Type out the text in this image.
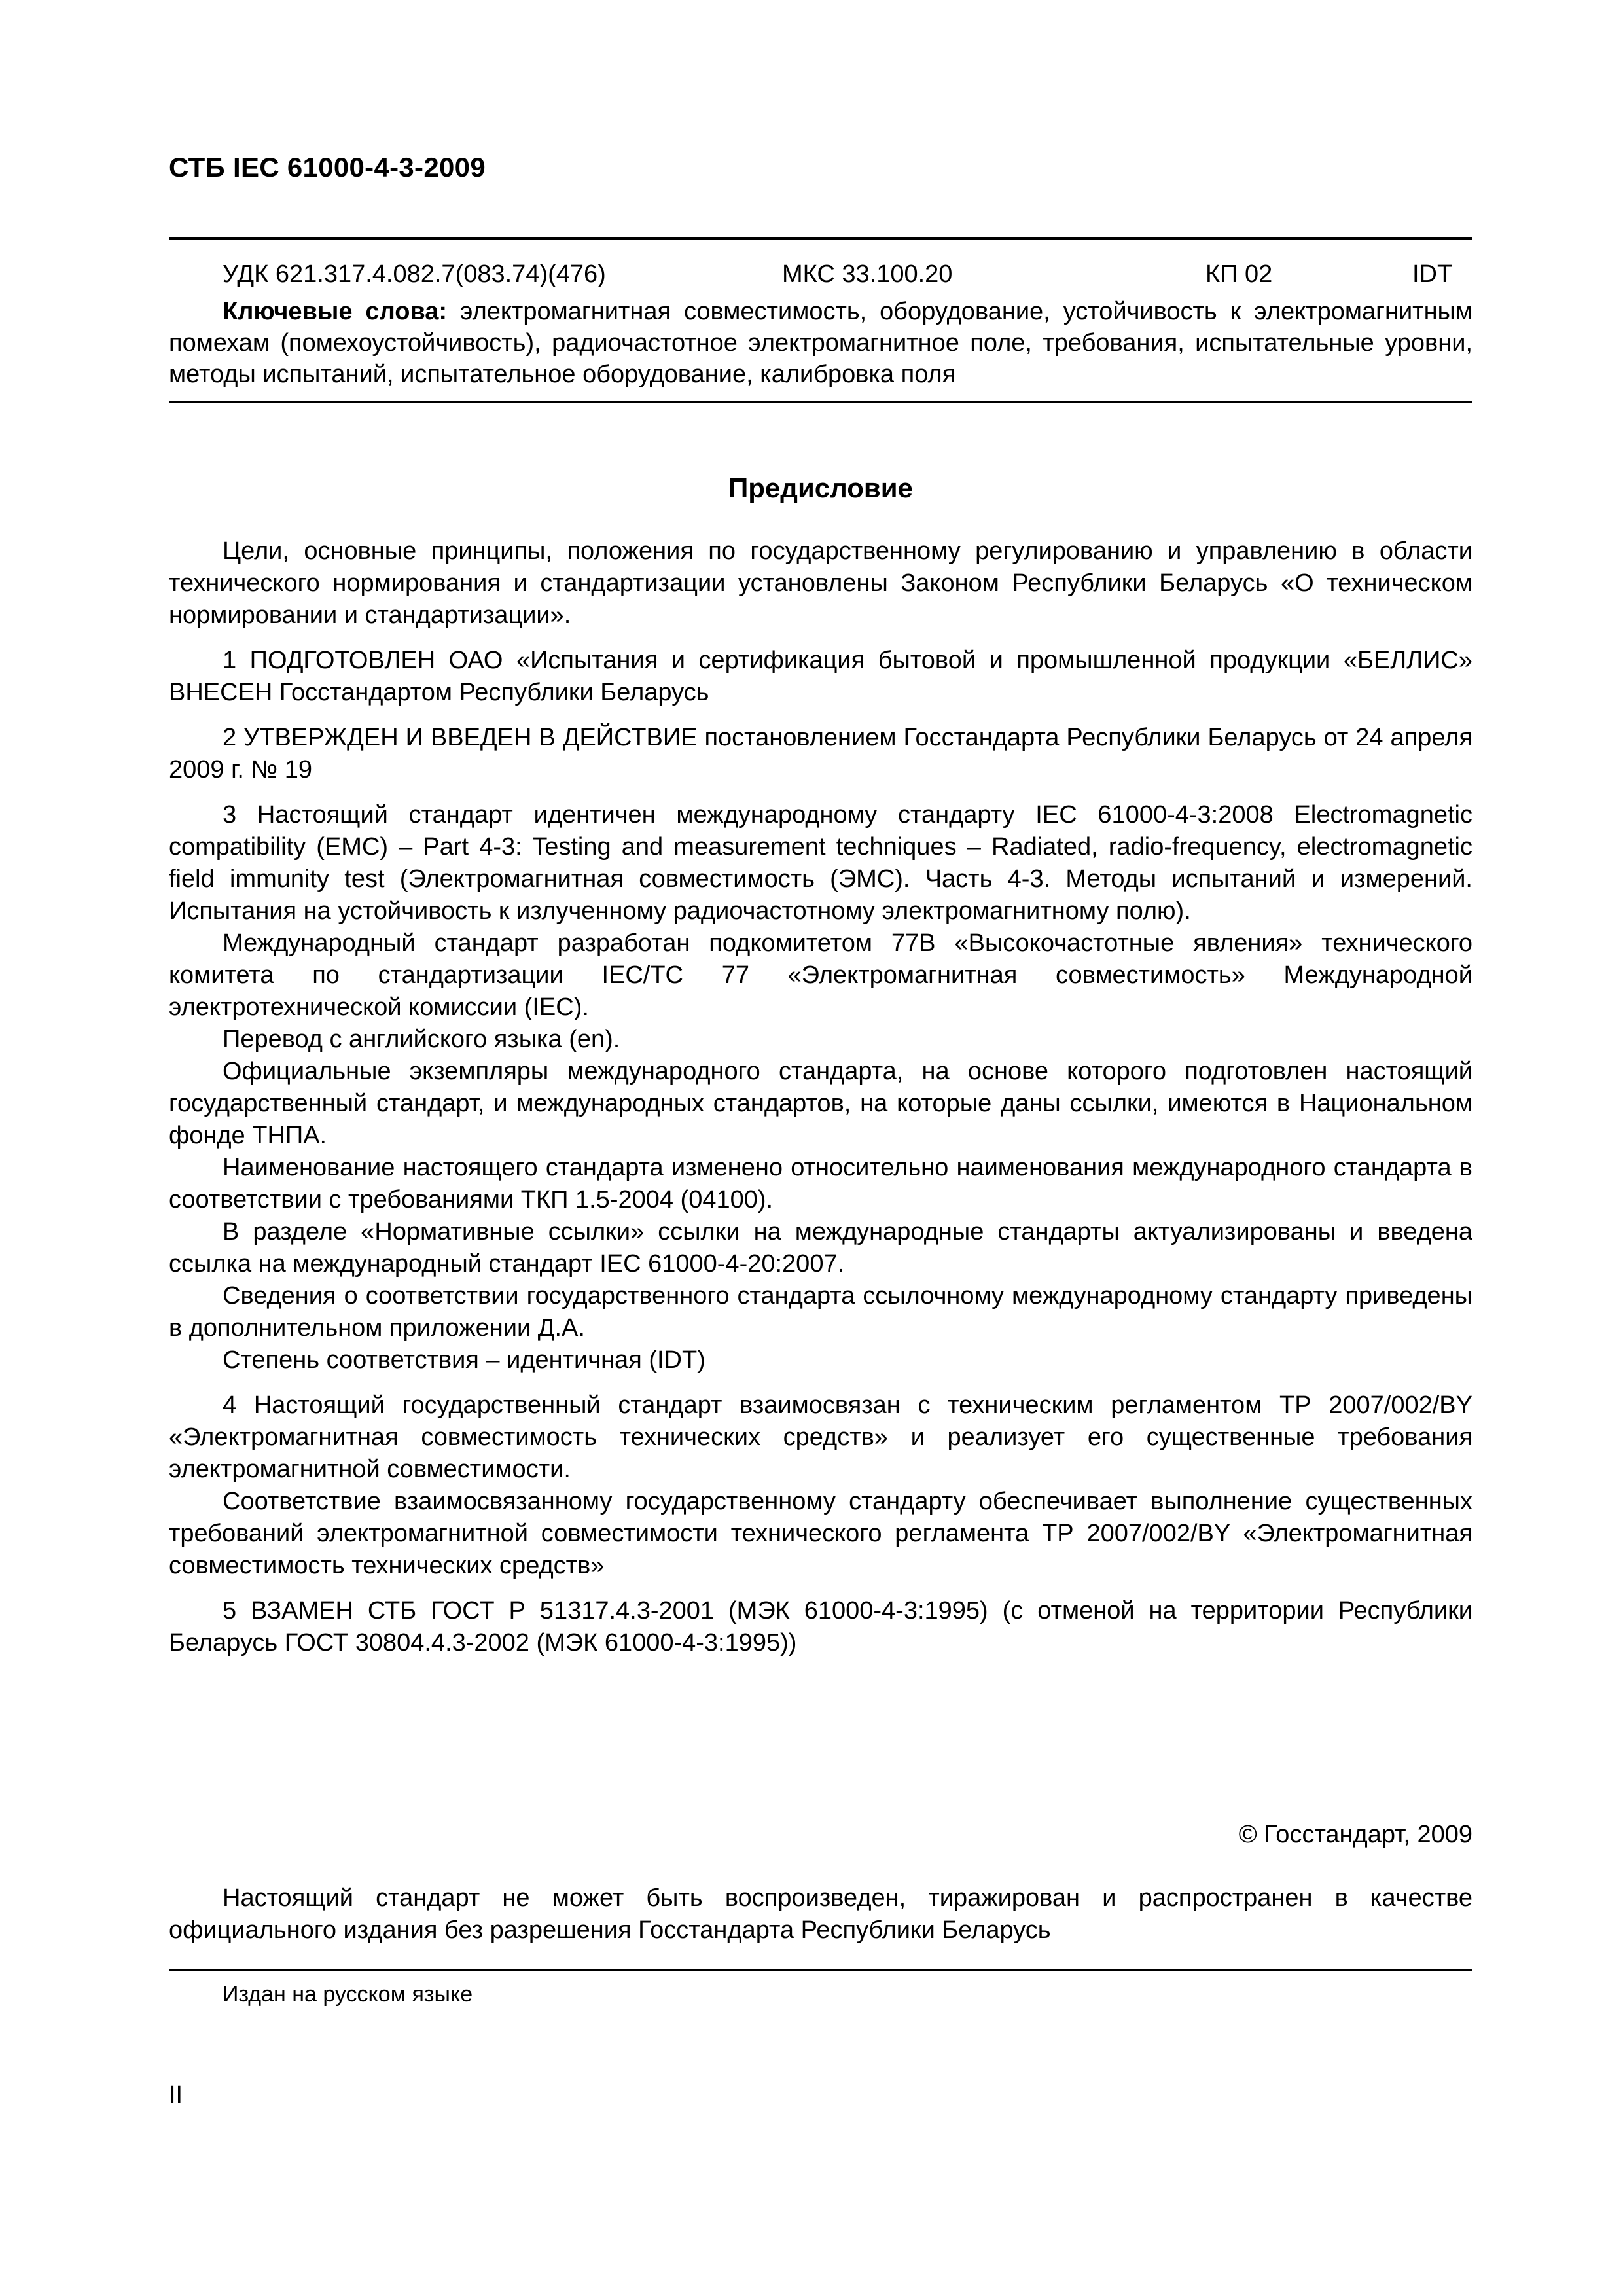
СТБ IEC 61000-4-3-2009
УДК 621.317.4.082.7(083.74)(476)	МКС 33.100.20	КП 02	IDT

Ключевые слова: электромагнитная совместимость, оборудование, устойчивость к электромагнитным помехам (помехоустойчивость), радиочастотное электромагнитное поле, требования, испытательные уровни, методы испытаний, испытательное оборудование, калибровка поля

Предисловие

Цели, основные принципы, положения по государственному регулированию и управлению в области технического нормирования и стандартизации установлены Законом Республики Беларусь «О техническом нормировании и стандартизации».

1 ПОДГОТОВЛЕН ОАО «Испытания и сертификация бытовой и промышленной продукции «БЕЛЛИС» ВНЕСЕН Госстандартом Республики Беларусь

2 УТВЕРЖДЕН И ВВЕДЕН В ДЕЙСТВИЕ постановлением Госстандарта Республики Беларусь от 24 апреля 2009 г. № 19

3 Настоящий стандарт идентичен международному стандарту IEC 61000-4-3:2008 Electromagnetic compatibility (EMC) – Part 4-3: Testing and measurement techniques – Radiated, radio-frequency, electromagnetic field immunity test (Электромагнитная совместимость (ЭМС). Часть 4-3. Методы испытаний и измерений. Испытания на устойчивость к излученному радиочастотному электромагнитному полю).

Международный стандарт разработан подкомитетом 77B «Высокочастотные явления» технического комитета по стандартизации IEC/TC 77 «Электромагнитная совместимость» Международной электротехнической комиссии (IEC).

Перевод с английского языка (en).

Официальные экземпляры международного стандарта, на основе которого подготовлен настоящий государственный стандарт, и международных стандартов, на которые даны ссылки, имеются в Национальном фонде ТНПА.

Наименование настоящего стандарта изменено относительно наименования международного стандарта в соответствии с требованиями ТКП 1.5-2004 (04100).

В разделе «Нормативные ссылки» ссылки на международные стандарты актуализированы и введена ссылка на международный стандарт IEC 61000-4-20:2007.

Сведения о соответствии государственного стандарта ссылочному международному стандарту приведены в дополнительном приложении Д.А.

Степень соответствия – идентичная (IDT)

4 Настоящий государственный стандарт взаимосвязан с техническим регламентом ТР 2007/002/BY «Электромагнитная совместимость технических средств» и реализует его существенные требования электромагнитной совместимости.

Соответствие взаимосвязанному государственному стандарту обеспечивает выполнение существенных требований электромагнитной совместимости технического регламента ТР 2007/002/BY «Электромагнитная совместимость технических средств»

5 ВЗАМЕН СТБ ГОСТ Р 51317.4.3-2001 (МЭК 61000-4-3:1995) (с отменой на территории Республики Беларусь ГОСТ 30804.4.3-2002 (МЭК 61000-4-3:1995))

© Госстандарт, 2009

Настоящий стандарт не может быть воспроизведен, тиражирован и распространен в качестве официального издания без разрешения Госстандарта Республики Беларусь

Издан на русском языке
II
